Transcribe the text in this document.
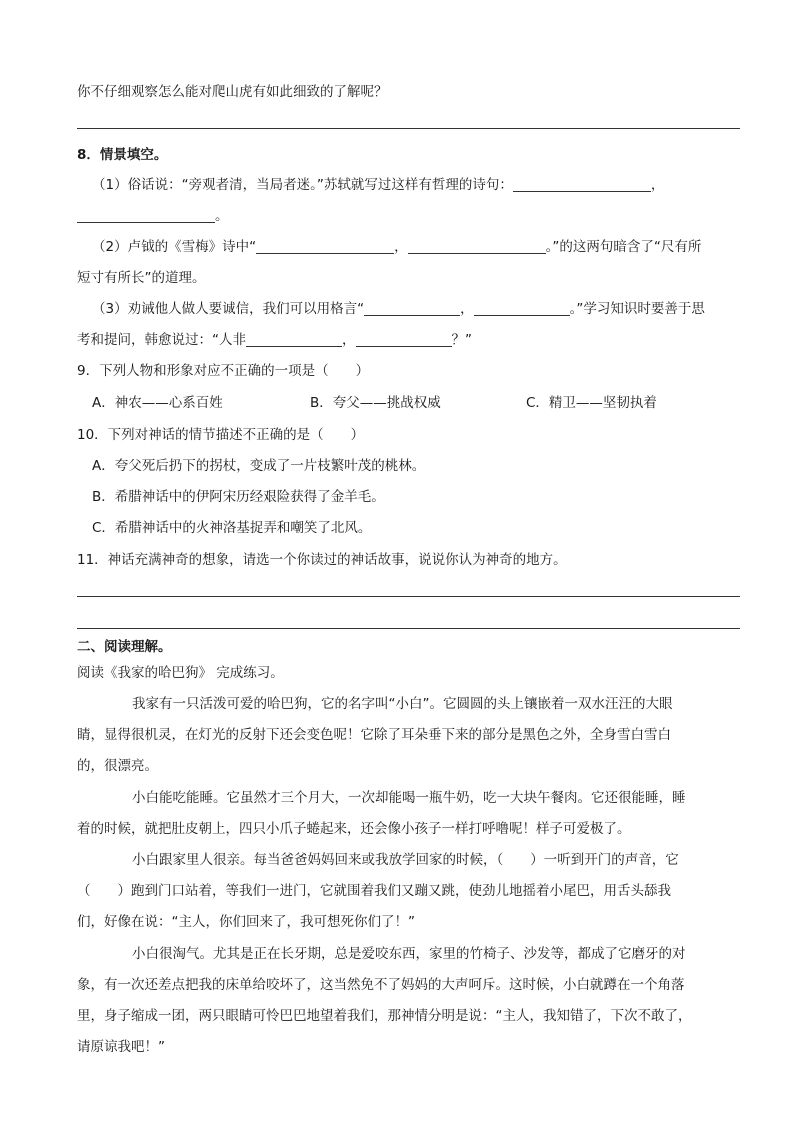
你不仔细观察怎么能对爬山虎有如此细致的了解呢？
8．情景填空。
（1）俗话说：“旁观者清，当局者迷。”苏轼就写过这样有哲理的诗句：	，
。
（2）卢钺的《雪梅》诗中“	，	。”的这两句暗含了“尺有所
短寸有所长”的道理。
（3）劝诫他人做人要诚信，我们可以用格言“	，	。”学习知识时要善于思
考和提问，韩愈说过：“人非	，	？”
9．下列人物和形象对应不正确的一项是（　　）
A．神农——心系百姓	B．夸父——挑战权威	C．精卫——坚韧执着
10．下列对神话的情节描述不正确的是（　　）
A．夸父死后扔下的拐杖，变成了一片枝繁叶茂的桃林。
B．希腊神话中的伊阿宋历经艰险获得了金羊毛。
C．希腊神话中的火神洛基捉弄和嘲笑了北风。
11．神话充满神奇的想象，请选一个你读过的神话故事，说说你认为神奇的地方。
二、阅读理解。
阅读《我家的哈巴狗》 完成练习。
我家有一只活泼可爱的哈巴狗，它的名字叫“小白”。它圆圆的头上镶嵌着一双水汪汪的大眼
睛，显得很机灵，在灯光的反射下还会变色呢！它除了耳朵垂下来的部分是黑色之外，全身雪白雪白
的，很漂亮。
小白能吃能睡。它虽然才三个月大，一次却能喝一瓶牛奶，吃一大块午餐肉。它还很能睡，睡
着的时候，就把肚皮朝上，四只小爪子蜷起来，还会像小孩子一样打呼噜呢！样子可爱极了。
小白跟家里人很亲。每当爸爸妈妈回来或我放学回家的时候，（　　）一听到开门的声音，它
（　　）跑到门口站着，等我们一进门，它就围着我们又蹦又跳，使劲儿地摇着小尾巴，用舌头舔我
们，好像在说：“主人，你们回来了，我可想死你们了！”
小白很淘气。尤其是正在长牙期，总是爱咬东西，家里的竹椅子、沙发等，都成了它磨牙的对
象，有一次还差点把我的床单给咬坏了，这当然免不了妈妈的大声呵斥。这时候，小白就蹲在一个角落
里，身子缩成一团，两只眼睛可怜巴巴地望着我们，那神情分明是说：“主人，我知错了，下次不敢了，
请原谅我吧！”
